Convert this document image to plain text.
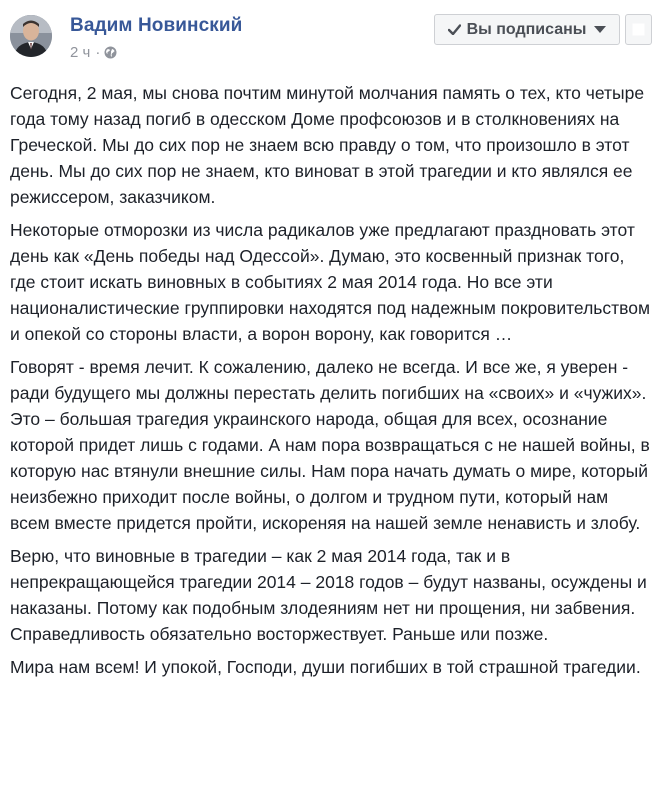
Вадим Новинский
2 ч ·
Вы подписаны

Сегодня, 2 мая, мы снова почтим минутой молчания память о тех, кто четыре года тому назад погиб в одесском Доме профсоюзов и в столкновениях на Греческой. Мы до сих пор не знаем всю правду о том, что произошло в этот день. Мы до сих пор не знаем, кто виноват в этой трагедии и кто являлся ее режиссером, заказчиком.

Некоторые отморозки из числа радикалов уже предлагают праздновать этот день как «День победы над Одессой». Думаю, это косвенный признак того, где стоит искать виновных в событиях 2 мая 2014 года. Но все эти националистические группировки находятся под надежным покровительством и опекой со стороны власти, а ворон ворону, как говорится …

Говорят - время лечит. К сожалению, далеко не всегда. И все же, я уверен - ради будущего мы должны перестать делить погибших на «своих» и «чужих». Это – большая трагедия украинского народа, общая для всех, осознание которой придет лишь с годами. А нам пора возвращаться с не нашей войны, в которую нас втянули внешние силы. Нам пора начать думать о мире, который неизбежно приходит после войны, о долгом и трудном пути, который нам всем вместе придется пройти, искореняя на нашей земле ненависть и злобу.

Верю, что виновные в трагедии – как 2 мая 2014 года, так и в непрекращающейся трагедии 2014 – 2018 годов – будут названы, осуждены и наказаны. Потому как подобным злодеяниям нет ни прощения, ни забвения. Справедливость обязательно восторжествует. Раньше или позже.

Мира нам всем! И упокой, Господи, души погибших в той страшной трагедии.
